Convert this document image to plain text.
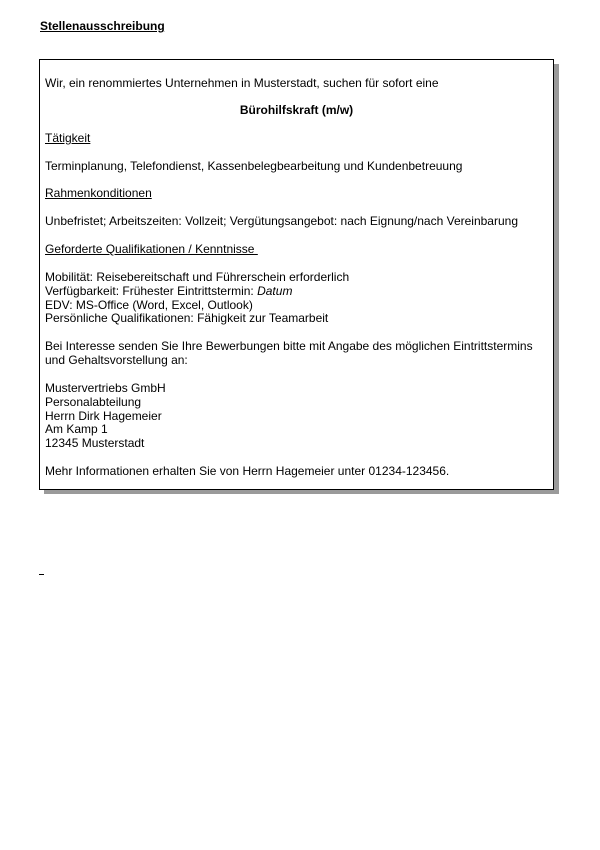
Stellenausschreibung
Wir, ein renommiertes Unternehmen in Musterstadt, suchen für sofort eine
Bürohilfskraft (m/w)
Tätigkeit
Terminplanung, Telefondienst, Kassenbelegbearbeitung und Kundenbetreuung
Rahmenkonditionen
Unbefristet; Arbeitszeiten: Vollzeit; Vergütungsangebot: nach Eignung/nach Vereinbarung
Geforderte Qualifikationen / Kenntnisse
Mobilität: Reisebereitschaft und Führerschein erforderlich
Verfügbarkeit: Frühester Eintrittstermin: Datum
EDV: MS-Office (Word, Excel, Outlook)
Persönliche Qualifikationen: Fähigkeit zur Teamarbeit
Bei Interesse senden Sie Ihre Bewerbungen bitte mit Angabe des möglichen Eintrittstermins
und Gehaltsvorstellung an:
Mustervertriebs GmbH
Personalabteilung
Herrn Dirk Hagemeier
Am Kamp 1
12345 Musterstadt
Mehr Informationen erhalten Sie von Herrn Hagemeier unter 01234-123456.
